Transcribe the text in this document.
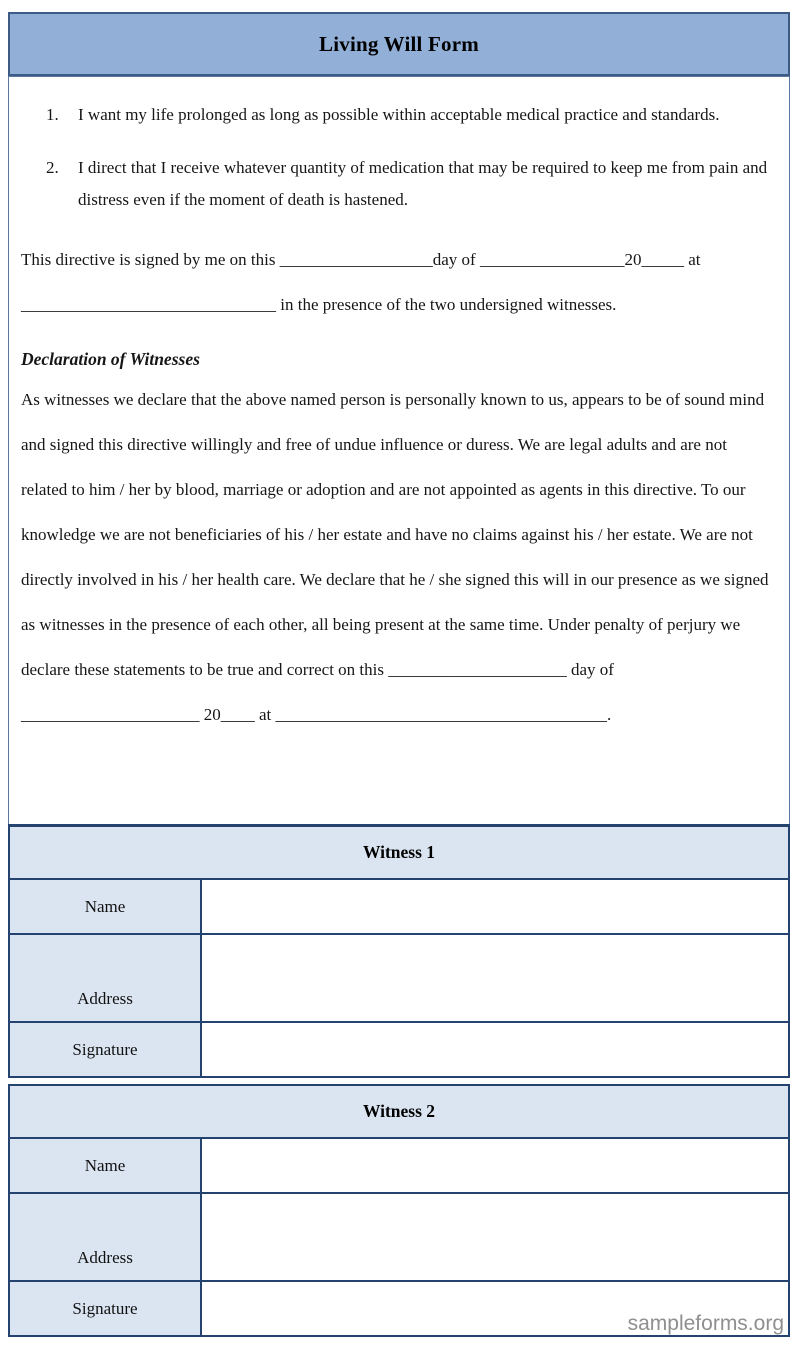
Living Will Form
1. I want my life prolonged as long as possible within acceptable medical practice and standards.
2. I direct that I receive whatever quantity of medication that may be required to keep me from pain and distress even if the moment of death is hastened.

This directive is signed by me on this __________________day of _________________20_____ at ______________________________ in the presence of the two undersigned witnesses.

Declaration of Witnesses

As witnesses we declare that the above named person is personally known to us, appears to be of sound mind and signed this directive willingly and free of undue influence or duress. We are legal adults and are not related to him / her by blood, marriage or adoption and are not appointed as agents in this directive. To our knowledge we are not beneficiaries of his / her estate and have no claims against his / her estate. We are not directly involved in his / her health care. We declare that he / she signed this will in our presence as we signed as witnesses in the presence of each other, all being present at the same time. Under penalty of perjury we declare these statements to be true and correct on this _____________________ day of _____________________ 20____ at _______________________________________.

Witness 1
Name
Address
Signature
Witness 2
Name
Address
Signature
sampleforms.org
